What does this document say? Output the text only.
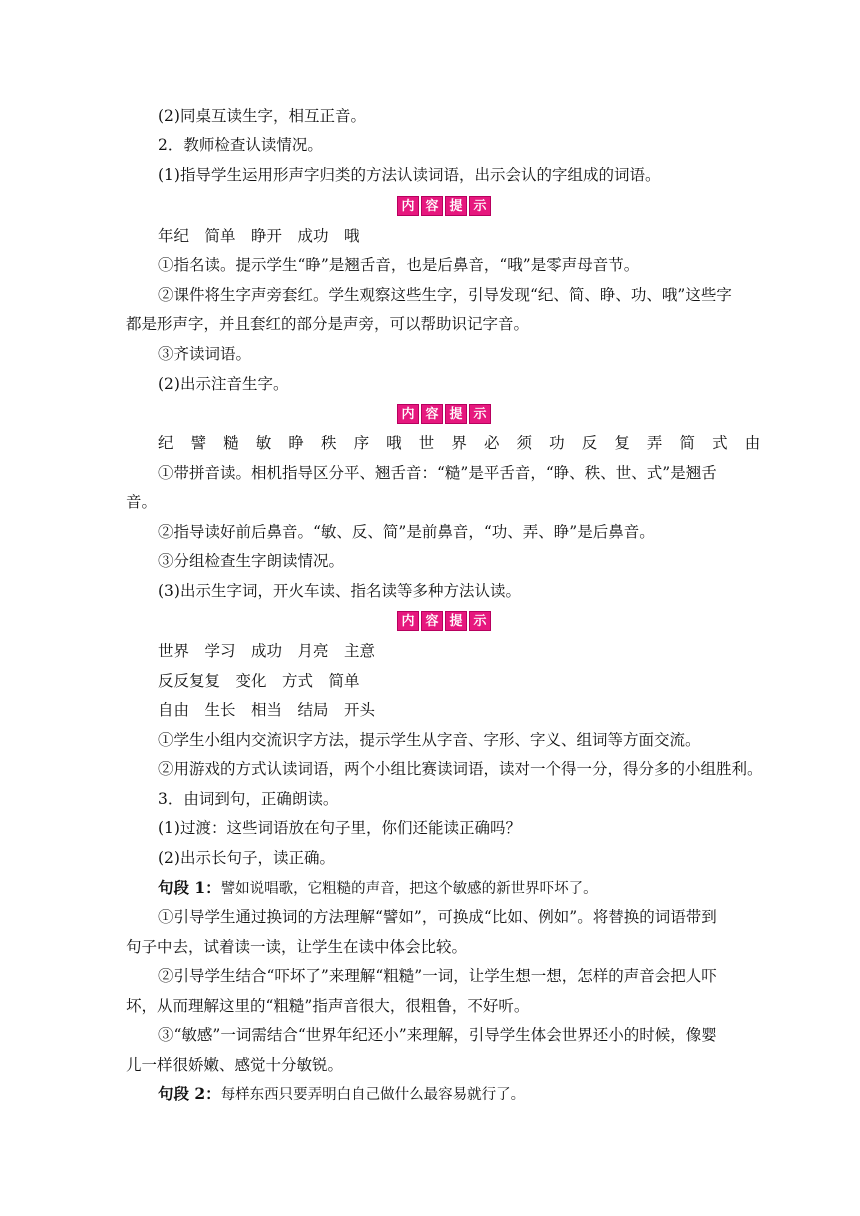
(2)同桌互读生字，相互正音。
2．教师检查认读情况。
(1)指导学生运用形声字归类的方法认读词语，出示会认的字组成的词语。
内 容 提 示
年纪　简单　睁开　成功　哦
①指名读。提示学生“睁”是翘舌音，也是后鼻音，“哦”是零声母音节。
②课件将生字声旁套红。学生观察这些生字，引导发现“纪、简、睁、功、哦”这些字
都是形声字，并且套红的部分是声旁，可以帮助识记字音。
③齐读词语。
(2)出示注音生字。
内 容 提 示
纪 譬 糙 敏 睁 秩 序 哦 世 界 必 须 功 反 复 弄 简 式 由
①带拼音读。相机指导区分平、翘舌音：“糙”是平舌音，“睁、秩、世、式”是翘舌
音。
②指导读好前后鼻音。“敏、反、简”是前鼻音，“功、弄、睁”是后鼻音。
③分组检查生字朗读情况。
(3)出示生字词，开火车读、指名读等多种方法认读。
内 容 提 示
世界　学习　成功　月亮　主意
反反复复　变化　方式　简单
自由　生长　相当　结局　开头
①学生小组内交流识字方法，提示学生从字音、字形、字义、组词等方面交流。
②用游戏的方式认读词语，两个小组比赛读词语，读对一个得一分，得分多的小组胜利。
3．由词到句，正确朗读。
(1)过渡：这些词语放在句子里，你们还能读正确吗？
(2)出示长句子，读正确。
句段 1：譬如说唱歌，它粗糙的声音，把这个敏感的新世界吓坏了。
①引导学生通过换词的方法理解“譬如”，可换成“比如、例如”。将替换的词语带到
句子中去，试着读一读，让学生在读中体会比较。
②引导学生结合“吓坏了”来理解“粗糙”一词，让学生想一想，怎样的声音会把人吓
坏，从而理解这里的“粗糙”指声音很大，很粗鲁，不好听。
③“敏感”一词需结合“世界年纪还小”来理解，引导学生体会世界还小的时候，像婴
儿一样很娇嫩、感觉十分敏锐。
句段 2：每样东西只要弄明白自己做什么最容易就行了。
